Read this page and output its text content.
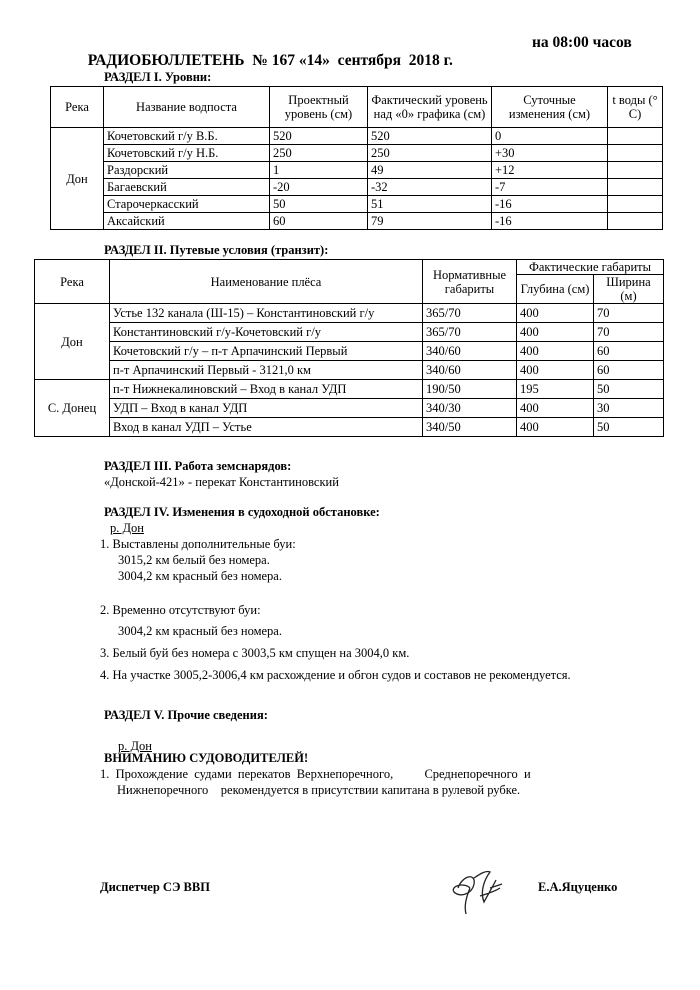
РАДИОБЮЛЛЕТЕНЬ  № 167 «14»  сентября  2018 г.

на 08:00 часов

РАЗДЕЛ I. Уровни:
Река	Название водпоста	Проектный уровень (см)	Фактический уровень над «0» графика (см)	Суточные изменения (см)	t воды (° С)
Дон	Кочетовский г/у В.Б.	520	520	0	
	Кочетовский г/у Н.Б.	250	250	+30	
	Раздорский	1	49	+12	
	Багаевский	-20	-32	-7	
	Старочеркасский	50	51	-16	
	Аксайский	60	79	-16	
РАЗДЕЛ II. Путевые условия (транзит):
Река	Наименование плёса	Нормативные габариты	Фактические габариты	
			Глубина (см)	Ширина (м)
Дон	Устье 132 канала (Ш-15) – Константиновский г/у	365/70	400	70
	Константиновский г/у-Кочетовский г/у	365/70	400	70
	Кочетовский г/у – п-т Арпачинский Первый	340/60	400	60
	п-т Арпачинский Первый - 3121,0 км	340/60	400	60
С. Донец	п-т Нижнекалиновский – Вход в канал УДП	190/50	195	50
	УДП – Вход в канал УДП	340/30	400	30
	Вход в канал УДП – Устье	340/50	400	50
РАЗДЕЛ III. Работа земснарядов:
«Донской-421» - перекат Константиновский
РАЗДЕЛ IV. Изменения в судоходной обстановке:
р. Дон
1. Выставлены дополнительные буи:
3015,2 км белый без номера.
3004,2 км красный без номера.
2. Временно отсутствуют буи:
3004,2 км красный без номера.
3. Белый буй без номера с 3003,5 км спущен на 3004,0 км.
4. На участке 3005,2-3006,4 км расхождение и обгон судов и составов не рекомендуется.
РАЗДЕЛ V. Прочие сведения:
р. Дон
ВНИМАНИЮ СУДОВОДИТЕЛЕЙ!
1.  Прохождение  судами  перекатов  Верхнепоречного,          Среднепоречного  и
Нижнепоречного    рекомендуется в присутствии капитана в рулевой рубке.
Диспетчер СЭ ВВП	Е.А.Яцуценко
